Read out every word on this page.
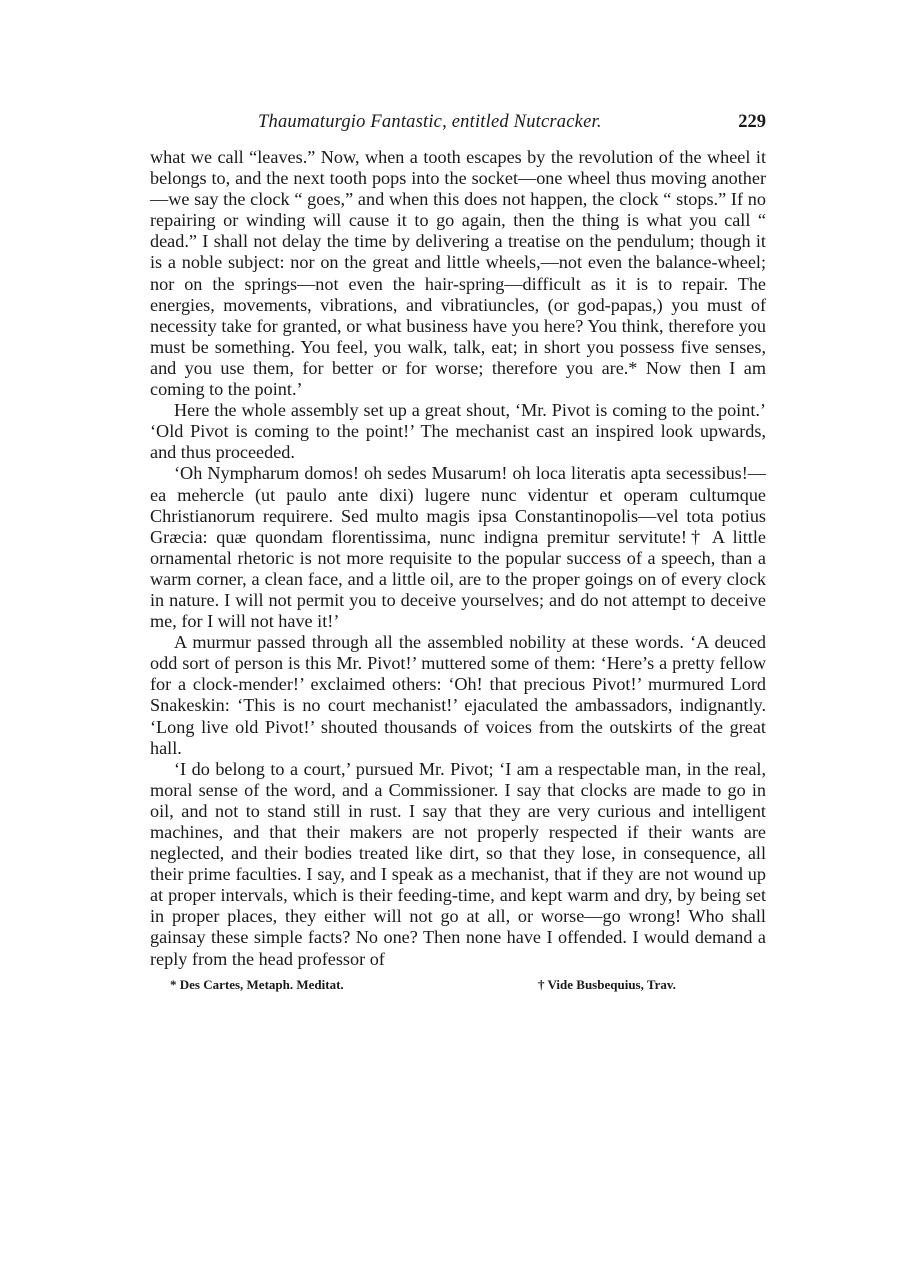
Thaumaturgio Fantastic, entitled Nutcracker.	229

what we call “leaves.” Now, when a tooth escapes by the revolution of the wheel it belongs to, and the next tooth pops into the socket—one wheel thus moving another—we say the clock “ goes,” and when this does not happen, the clock “ stops.” If no repairing or winding will cause it to go again, then the thing is what you call “ dead.” I shall not delay the time by delivering a treatise on the pendulum; though it is a noble subject: nor on the great and little wheels,—not even the balance-wheel; nor on the springs—not even the hair-spring—difficult as it is to repair. The energies, movements, vibrations, and vibratiuncles, (or god-papas,) you must of necessity take for granted, or what business have you here? You think, therefore you must be something. You feel, you walk, talk, eat; in short you possess five senses, and you use them, for better or for worse; therefore you are.* Now then I am coming to the point.’

Here the whole assembly set up a great shout, ‘Mr. Pivot is coming to the point.’ ‘Old Pivot is coming to the point!’ The mechanist cast an inspired look upwards, and thus proceeded.

‘Oh Nympharum domos! oh sedes Musarum! oh loca literatis apta secessibus!—ea mehercle (ut paulo ante dixi) lugere nunc videntur et operam cultumque Christianorum requirere. Sed multo magis ipsa Constantinopolis—vel tota potius Græcia: quæ quondam florentissima, nunc indigna premitur servitute!† A little ornamental rhetoric is not more requisite to the popular success of a speech, than a warm corner, a clean face, and a little oil, are to the proper goings on of every clock in nature. I will not permit you to deceive yourselves; and do not attempt to deceive me, for I will not have it!’

A murmur passed through all the assembled nobility at these words. ‘A deuced odd sort of person is this Mr. Pivot!’ muttered some of them: ‘Here’s a pretty fellow for a clock-mender!’ exclaimed others: ‘Oh! that precious Pivot!’ murmured Lord Snakeskin: ‘This is no court mechanist!’ ejaculated the ambassadors, indignantly. ‘Long live old Pivot!’ shouted thousands of voices from the outskirts of the great hall.

‘I do belong to a court,’ pursued Mr. Pivot; ‘I am a respectable man, in the real, moral sense of the word, and a Commissioner. I say that clocks are made to go in oil, and not to stand still in rust. I say that they are very curious and intelligent machines, and that their makers are not properly respected if their wants are neglected, and their bodies treated like dirt, so that they lose, in consequence, all their prime faculties. I say, and I speak as a mechanist, that if they are not wound up at proper intervals, which is their feeding-time, and kept warm and dry, by being set in proper places, they either will not go at all, or worse—go wrong! Who shall gainsay these simple facts? No one? Then none have I offended. I would demand a reply from the head professor of

* Des Cartes, Metaph. Meditat.	† Vide Busbequius, Trav.
